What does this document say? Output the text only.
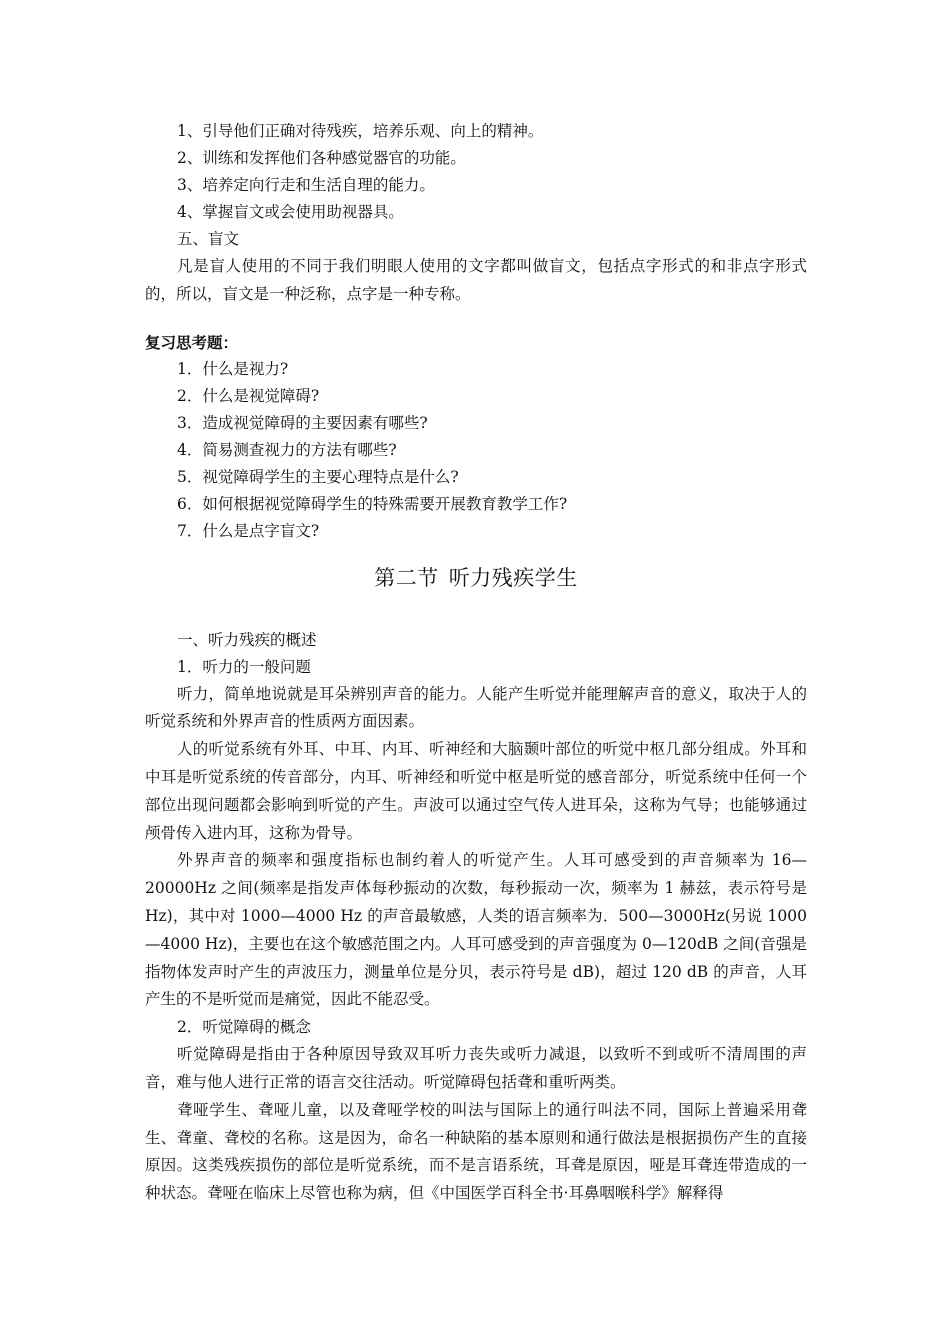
1、引导他们正确对待残疾，培养乐观、向上的精神。
2、训练和发挥他们各种感觉器官的功能。
3、培养定向行走和生活自理的能力。
4、掌握盲文或会使用助视器具。
五、盲文

凡是盲人使用的不同于我们明眼人使用的文字都叫做盲文，包括点字形式的和非点字形式的，所以，盲文是一种泛称，点字是一种专称。

复习思考题：
1．什么是视力?
2．什么是视觉障碍?
3．造成视觉障碍的主要因素有哪些?
4．简易测查视力的方法有哪些?
5．视觉障碍学生的主要心理特点是什么?
6．如何根据视觉障碍学生的特殊需要开展教育教学工作?
7．什么是点字盲文?
第二节 听力残疾学生
一、听力残疾的概述
1．听力的一般问题

听力，简单地说就是耳朵辨别声音的能力。人能产生听觉并能理解声音的意义，取决于人的听觉系统和外界声音的性质两方面因素。

人的听觉系统有外耳、中耳、内耳、听神经和大脑颞叶部位的听觉中枢几部分组成。外耳和中耳是听觉系统的传音部分，内耳、听神经和听觉中枢是听觉的感音部分，听觉系统中任何一个部位出现问题都会影响到听觉的产生。声波可以通过空气传人进耳朵，这称为气导；也能够通过颅骨传入进内耳，这称为骨导。

外界声音的频率和强度指标也制约着人的听觉产生。人耳可感受到的声音频率为 16—20000Hz 之间(频率是指发声体每秒振动的次数，每秒振动一次，频率为 1 赫兹，表示符号是 Hz)，其中对 1000—4000 Hz 的声音最敏感，人类的语言频率为．500—3000Hz(另说 1000—4000 Hz)，主要也在这个敏感范围之内。人耳可感受到的声音强度为 0—120dB 之间(音强是指物体发声时产生的声波压力，测量单位是分贝，表示符号是 dB)，超过 120 dB 的声音，人耳产生的不是听觉而是痛觉，因此不能忍受。

2．听觉障碍的概念

听觉障碍是指由于各种原因导致双耳听力丧失或听力减退，以致听不到或听不清周围的声音，难与他人进行正常的语言交往活动。听觉障碍包括聋和重听两类。

聋哑学生、聋哑儿童，以及聋哑学校的叫法与国际上的通行叫法不同，国际上普遍采用聋生、聋童、聋校的名称。这是因为，命名一种缺陷的基本原则和通行做法是根据损伤产生的直接原因。这类残疾损伤的部位是听觉系统，而不是言语系统，耳聋是原因，哑是耳聋连带造成的一种状态。聋哑在临床上尽管也称为病，但《中国医学百科全书·耳鼻咽喉科学》解释得
